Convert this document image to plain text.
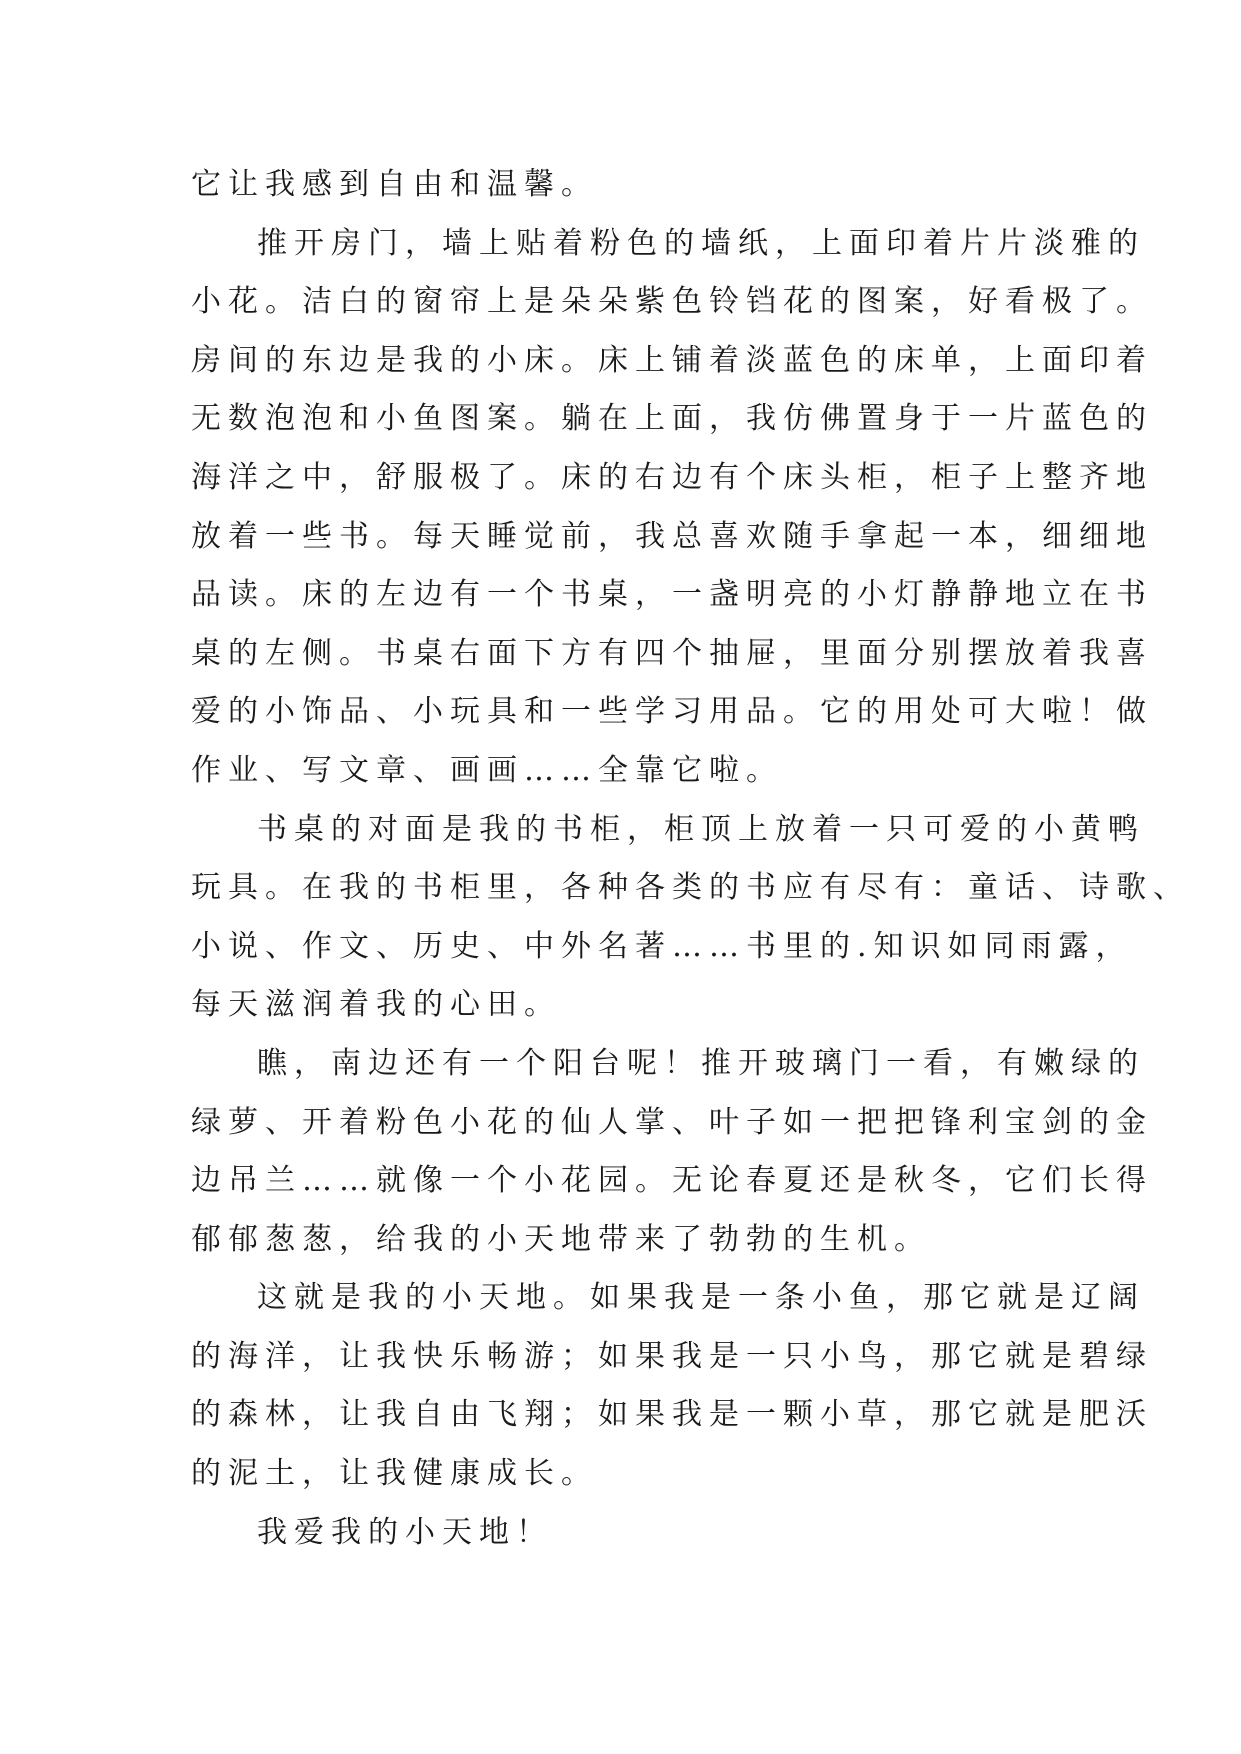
它让我感到自由和温馨。

推开房门，墙上贴着粉色的墙纸，上面印着片片淡雅的
小花。洁白的窗帘上是朵朵紫色铃铛花的图案，好看极了。
房间的东边是我的小床。床上铺着淡蓝色的床单，上面印着
无数泡泡和小鱼图案。躺在上面，我仿佛置身于一片蓝色的
海洋之中，舒服极了。床的右边有个床头柜，柜子上整齐地
放着一些书。每天睡觉前，我总喜欢随手拿起一本，细细地
品读。床的左边有一个书桌，一盏明亮的小灯静静地立在书
桌的左侧。书桌右面下方有四个抽屉，里面分别摆放着我喜
爱的小饰品、小玩具和一些学习用品。它的用处可大啦！做
作业、写文章、画画……全靠它啦。

书桌的对面是我的书柜，柜顶上放着一只可爱的小黄鸭
玩具。在我的书柜里，各种各类的书应有尽有：童话、诗歌、
小说、作文、历史、中外名著……书里的.知识如同雨露，
每天滋润着我的心田。

瞧，南边还有一个阳台呢！推开玻璃门一看，有嫩绿的
绿萝、开着粉色小花的仙人掌、叶子如一把把锋利宝剑的金
边吊兰……就像一个小花园。无论春夏还是秋冬，它们长得
郁郁葱葱，给我的小天地带来了勃勃的生机。

这就是我的小天地。如果我是一条小鱼，那它就是辽阔
的海洋，让我快乐畅游；如果我是一只小鸟，那它就是碧绿
的森林，让我自由飞翔；如果我是一颗小草，那它就是肥沃
的泥土，让我健康成长。

我爱我的小天地！
